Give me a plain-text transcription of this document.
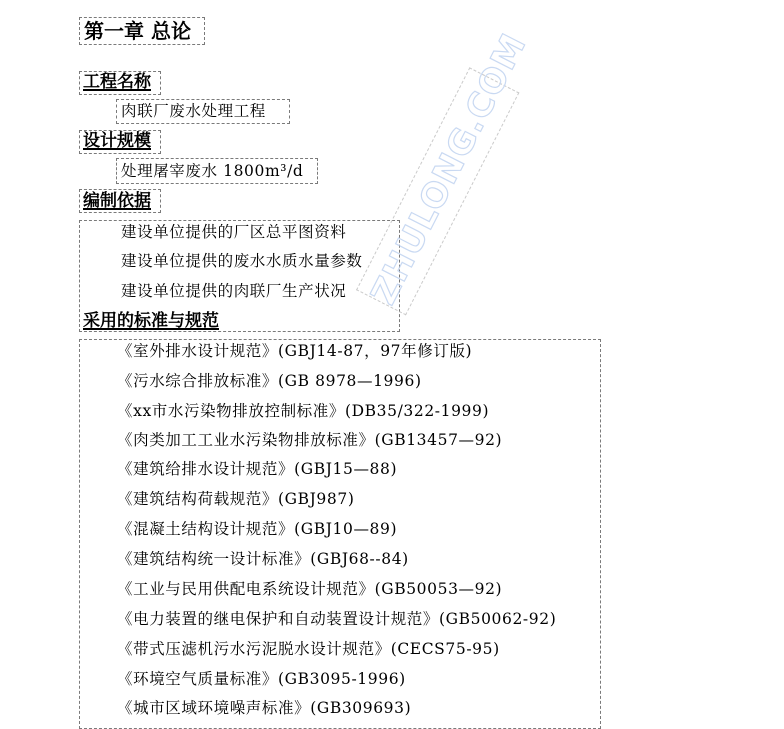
第一章 总论
工程名称
肉联厂废水处理工程
设计规模
处理屠宰废水 1800m³/d
编制依据
建设单位提供的厂区总平图资料
建设单位提供的废水水质水量参数
建设单位提供的肉联厂生产状况
采用的标准与规范
《室外排水设计规范》(GBJ14-87，97年修订版)
《污水综合排放标准》(GB 8978—1996)
《xx市水污染物排放控制标准》(DB35/322-1999)
《肉类加工工业水污染物排放标准》(GB13457—92)
《建筑给排水设计规范》(GBJ15—88)
《建筑结构荷载规范》(GBJ987)
《混凝土结构设计规范》(GBJ10—89)
《建筑结构统一设计标准》(GBJ68--84)
《工业与民用供配电系统设计规范》(GB50053—92)
《电力装置的继电保护和自动装置设计规范》(GB50062-92)
《带式压滤机污水污泥脱水设计规范》(CECS75-95)
《环境空气质量标准》(GB3095-1996)
《城市区域环境噪声标准》(GB309693)
ZHULONG.COM
